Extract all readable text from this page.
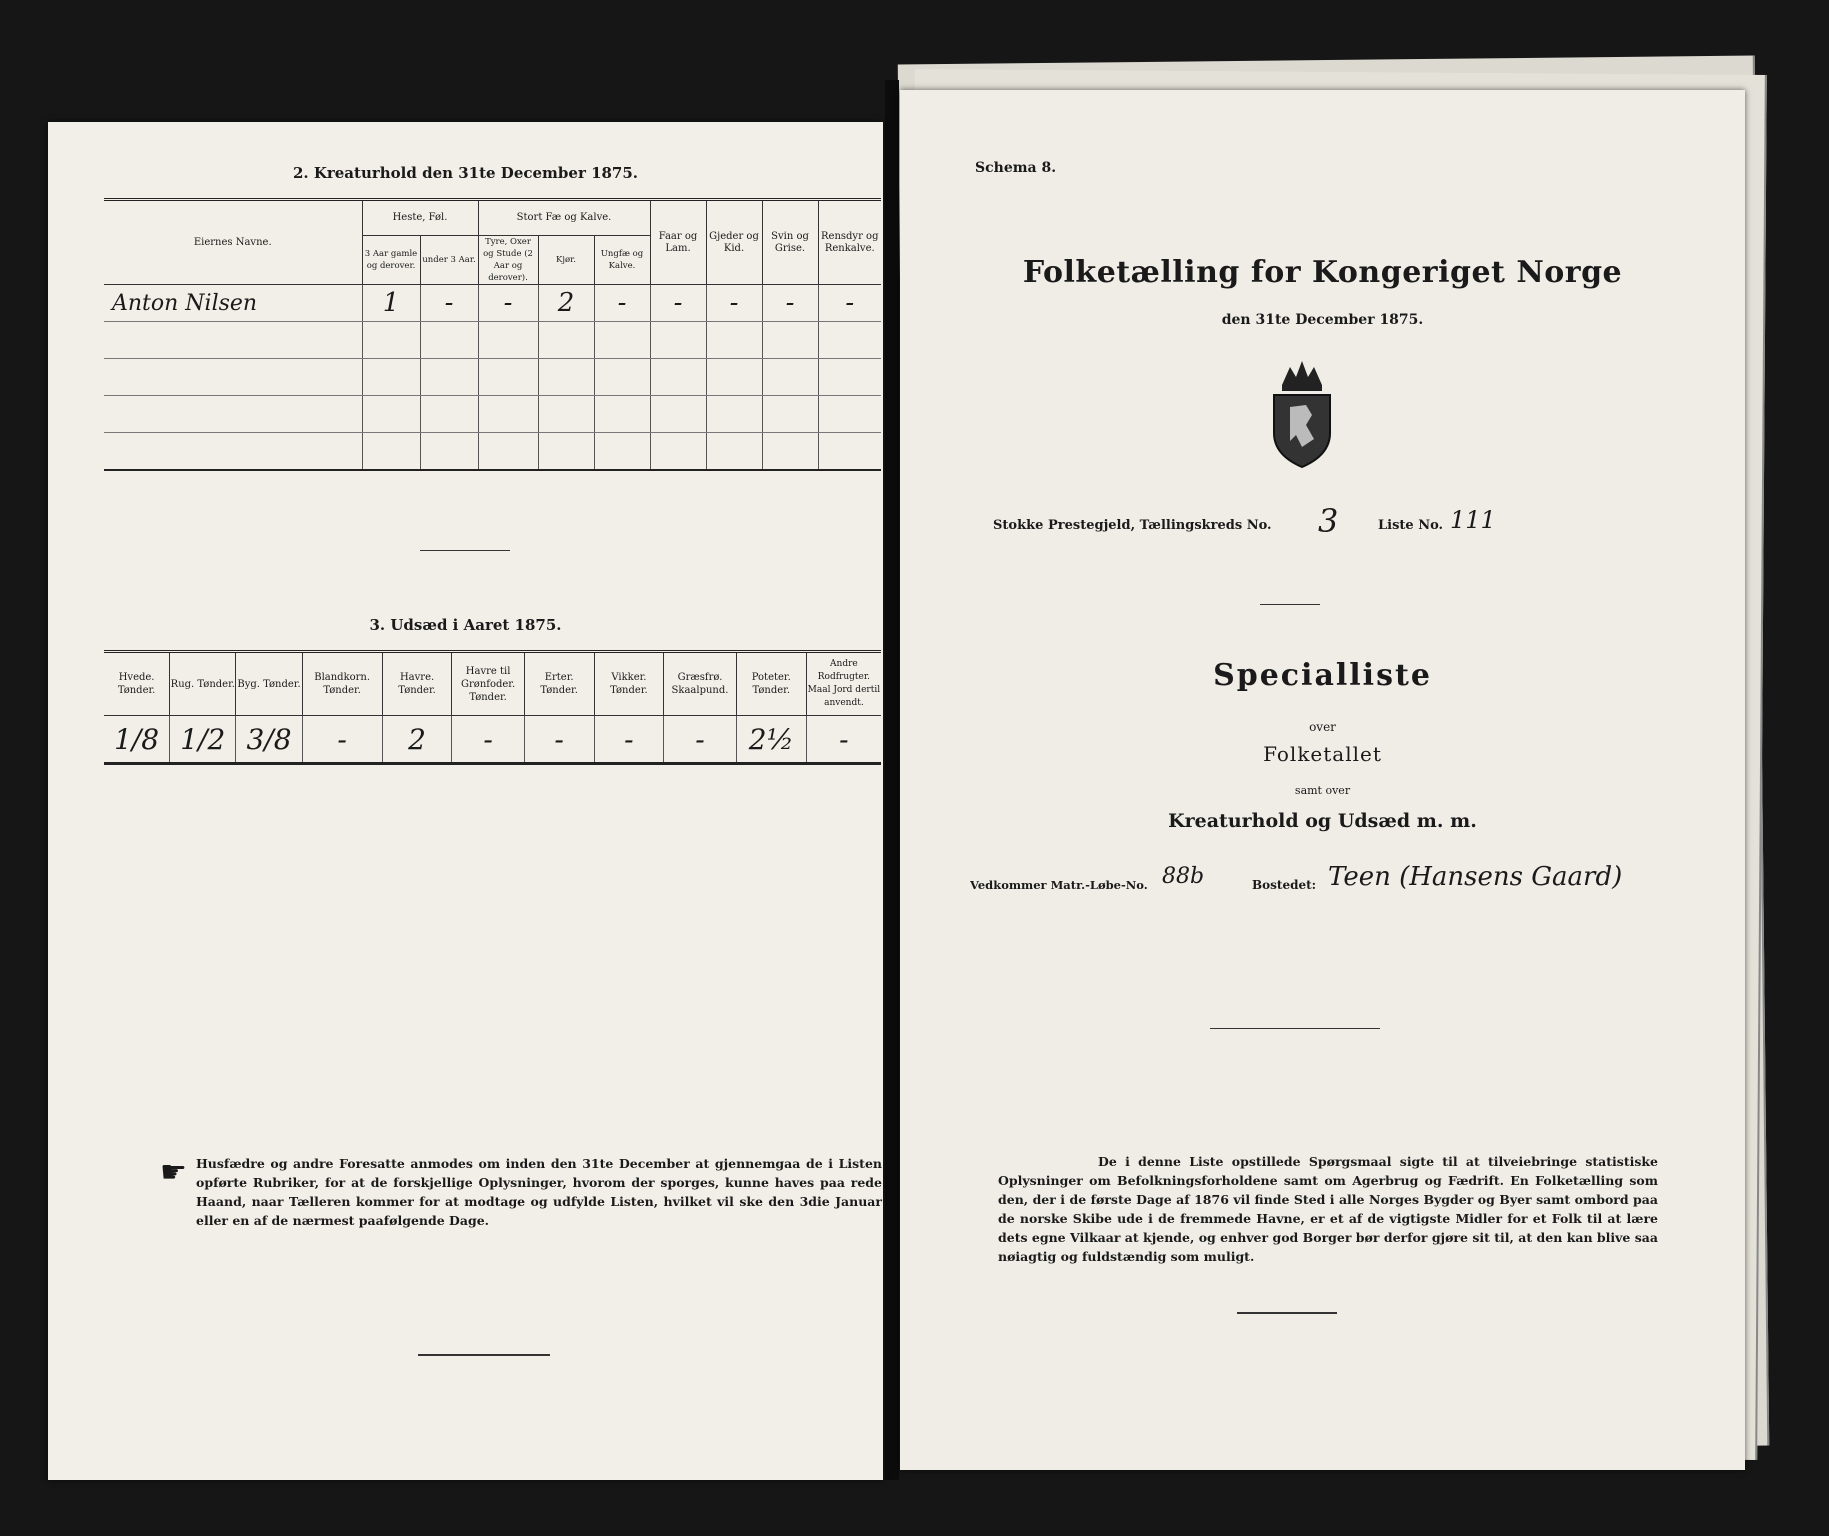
2. Kreaturhold den 31te December 1875.
Eiernes Navne.	Heste, Føl.		Stort Fæ og Kalve.			Faar og Lam.	Gjeder og Kid.	Svin og Grise.	Rensdyr og Renkalve.
	3 Aar gamle og derover.	under 3 Aar.	Tyre, Oxer og Stude (2 Aar og derover).	Kjør.	Ungfæ og Kalve.				
Anton Nilsen	1	-	-	2	-	-	-	-	-

3. Udsæd i Aaret 1875.
Hvede. Tønder.	Rug. Tønder.	Byg. Tønder.	Blandkorn. Tønder.	Havre. Tønder.	Havre til Grønfoder. Tønder.	Erter. Tønder.	Vikker. Tønder.	Græsfrø. Skaalpund.	Poteter. Tønder.	Andre Rodfrugter. Maal Jord dertil anvendt.
1/8	1/2	3/8	-	2	-	-	-	-	2½	-
☛ Husfædre og andre Foresatte anmodes om inden den 31te December at gjennemgaa de i Listen opførte Rubriker, for at de forskjellige Oplysninger, hvorom der sporges, kunne haves paa rede Haand, naar Tælleren kommer for at modtage og udfylde Listen, hvilket vil ske den 3die Januar eller en af de nærmest paafølgende Dage.
Schema 8.
Folketælling for Kongeriget Norge
den 31te December 1875.
Stokke Prestegjeld, Tællingskreds No. 3	Liste No. 111
Specialliste
over
Folketallet
samt over
Kreaturhold og Udsæd m. m.
Vedkommer Matr.-Løbe-No. 88b	Bostedet: Teen (Hansens Gaard)
De i denne Liste opstillede Spørgsmaal sigte til at tilveiebringe statistiske Oplysninger om Befolkningsforholdene samt om Agerbrug og Fædrift. En Folketælling som den, der i de første Dage af 1876 vil finde Sted i alle Norges Bygder og Byer samt ombord paa de norske Skibe ude i de fremmede Havne, er et af de vigtigste Midler for et Folk til at lære dets egne Vilkaar at kjende, og enhver god Borger bør derfor gjøre sit til, at den kan blive saa nøiagtig og fuldstændig som muligt.
